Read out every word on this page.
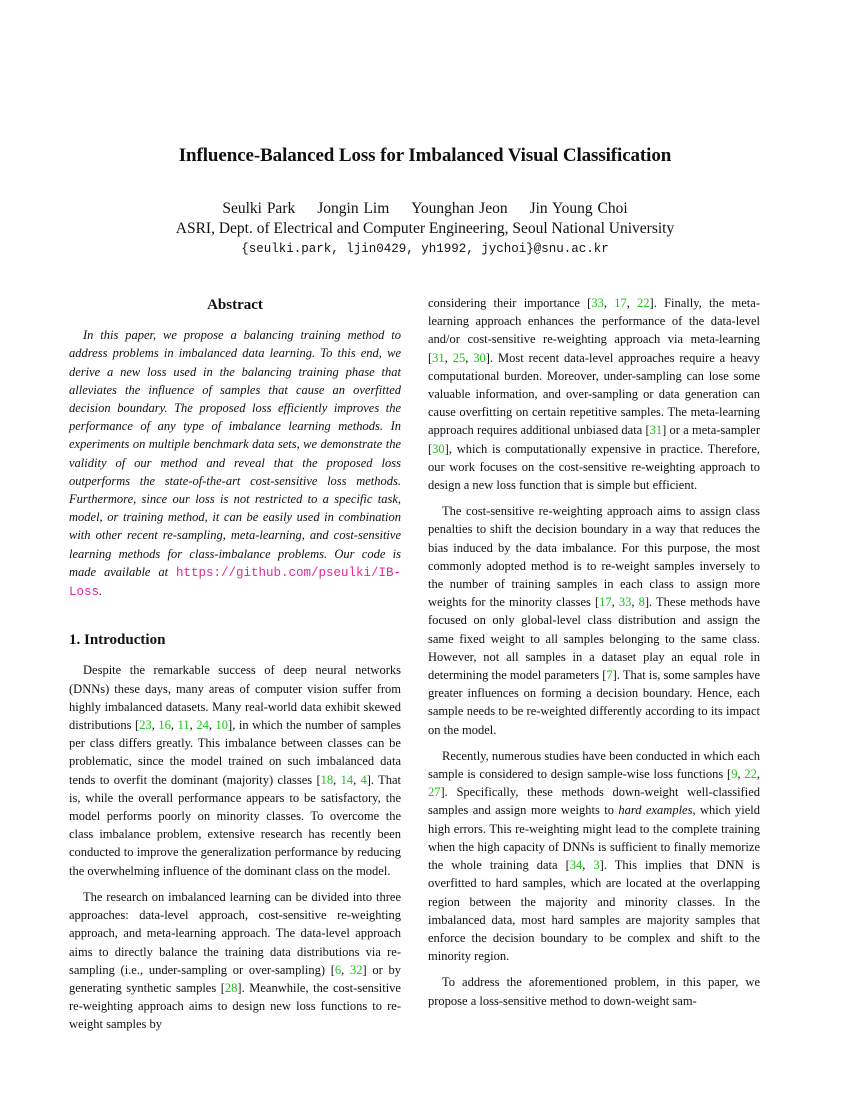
Influence-Balanced Loss for Imbalanced Visual Classification
Seulki Park Jongin Lim Younghan Jeon Jin Young Choi
ASRI, Dept. of Electrical and Computer Engineering, Seoul National University
{seulki.park, ljin0429, yh1992, jychoi}@snu.ac.kr
Abstract

In this paper, we propose a balancing training method to address problems in imbalanced data learning. To this end, we derive a new loss used in the balancing training phase that alleviates the influence of samples that cause an overfitted decision boundary. The proposed loss efficiently improves the performance of any type of imbalance learning methods. In experiments on multiple benchmark data sets, we demonstrate the validity of our method and reveal that the proposed loss outperforms the state-of-the-art cost-sensitive loss methods. Furthermore, since our loss is not restricted to a specific task, model, or training method, it can be easily used in combination with other recent re-sampling, meta-learning, and cost-sensitive learning methods for class-imbalance problems. Our code is made available at https://github.com/pseulki/IB-Loss.

1. Introduction

Despite the remarkable success of deep neural networks (DNNs) these days, many areas of computer vision suffer from highly imbalanced datasets. Many real-world data exhibit skewed distributions [23, 16, 11, 24, 10], in which the number of samples per class differs greatly. This imbalance between classes can be problematic, since the model trained on such imbalanced data tends to overfit the dominant (majority) classes [18, 14, 4]. That is, while the overall performance appears to be satisfactory, the model performs poorly on minority classes. To overcome the class imbalance problem, extensive research has recently been conducted to improve the generalization performance by reducing the overwhelming influence of the dominant class on the model.

The research on imbalanced learning can be divided into three approaches: data-level approach, cost-sensitive re-weighting approach, and meta-learning approach. The data-level approach aims to directly balance the training data distributions via re-sampling (i.e., under-sampling or over-sampling) [6, 32] or by generating synthetic samples [28]. Meanwhile, the cost-sensitive re-weighting approach aims to design new loss functions to re-weight samples by

considering their importance [33, 17, 22]. Finally, the meta-learning approach enhances the performance of the data-level and/or cost-sensitive re-weighting approach via meta-learning [31, 25, 30]. Most recent data-level approaches require a heavy computational burden. Moreover, under-sampling can lose some valuable information, and over-sampling or data generation can cause overfitting on certain repetitive samples. The meta-learning approach requires additional unbiased data [31] or a meta-sampler [30], which is computationally expensive in practice. Therefore, our work focuses on the cost-sensitive re-weighting approach to design a new loss function that is simple but efficient.

The cost-sensitive re-weighting approach aims to assign class penalties to shift the decision boundary in a way that reduces the bias induced by the data imbalance. For this purpose, the most commonly adopted method is to re-weight samples inversely to the number of training samples in each class to assign more weights for the minority classes [17, 33, 8]. These methods have focused on only global-level class distribution and assign the same fixed weight to all samples belonging to the same class. However, not all samples in a dataset play an equal role in determining the model parameters [7]. That is, some samples have greater influences on forming a decision boundary. Hence, each sample needs to be re-weighted differently according to its impact on the model.

Recently, numerous studies have been conducted in which each sample is considered to design sample-wise loss functions [9, 22, 27]. Specifically, these methods down-weight well-classified samples and assign more weights to hard examples, which yield high errors. This re-weighting might lead to the complete training when the high capacity of DNNs is sufficient to finally memorize the whole training data [34, 3]. This implies that DNN is overfitted to hard samples, which are located at the overlapping region between the majority and minority classes. In the imbalanced data, most hard samples are majority samples that enforce the decision boundary to be complex and shift to the minority region.

To address the aforementioned problem, in this paper, we propose a loss-sensitive method to down-weight sam-
